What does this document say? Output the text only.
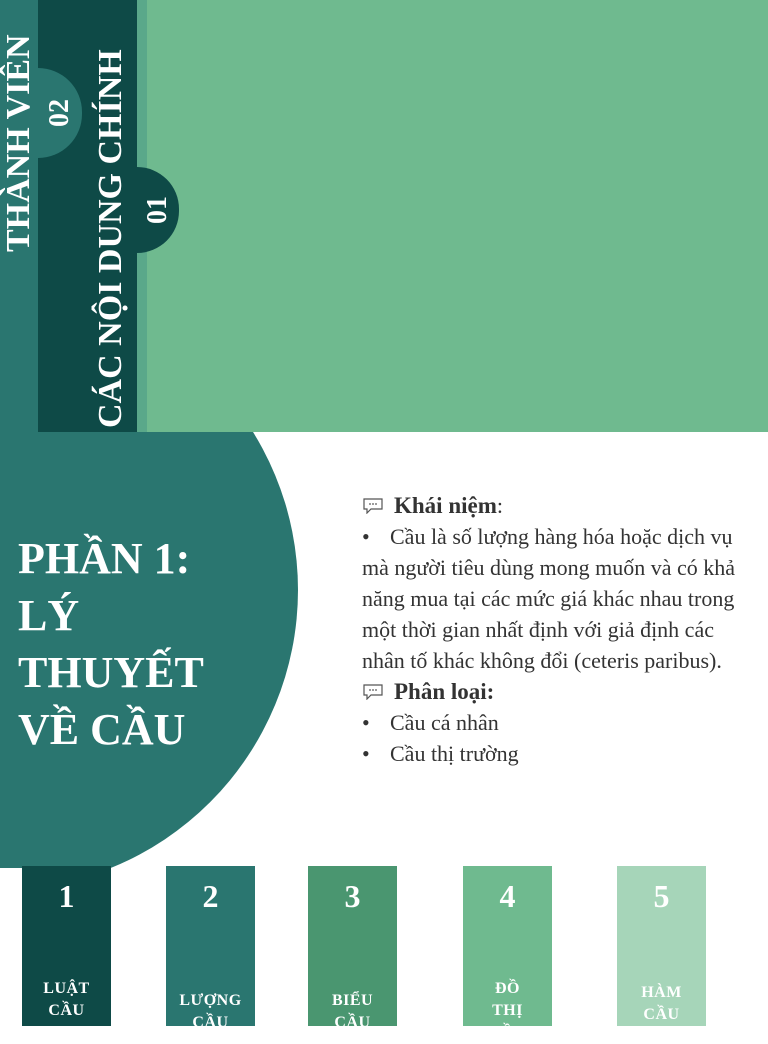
THÀNH VIÊN CÁC NỘI DUNG CHÍNH
02
01
PHẦN 1:
LÝ
THUYẾT
VỀ CẦU
Khái niệm:
• Cầu là số lượng hàng hóa hoặc dịch vụ mà người tiêu dùng mong muốn và có khả năng mua tại các mức giá khác nhau trong một thời gian nhất định với giả định các nhân tố khác không đổi (ceteris paribus).
Phân loại:
• Cầu cá nhân
• Cầu thị trường
1
LUẬT
CẦU
2
LƯỢNG
CẦU
3
BIỂU
CẦU
4
ĐỒ
THỊ
CẦU
5
HÀM
CẦU
